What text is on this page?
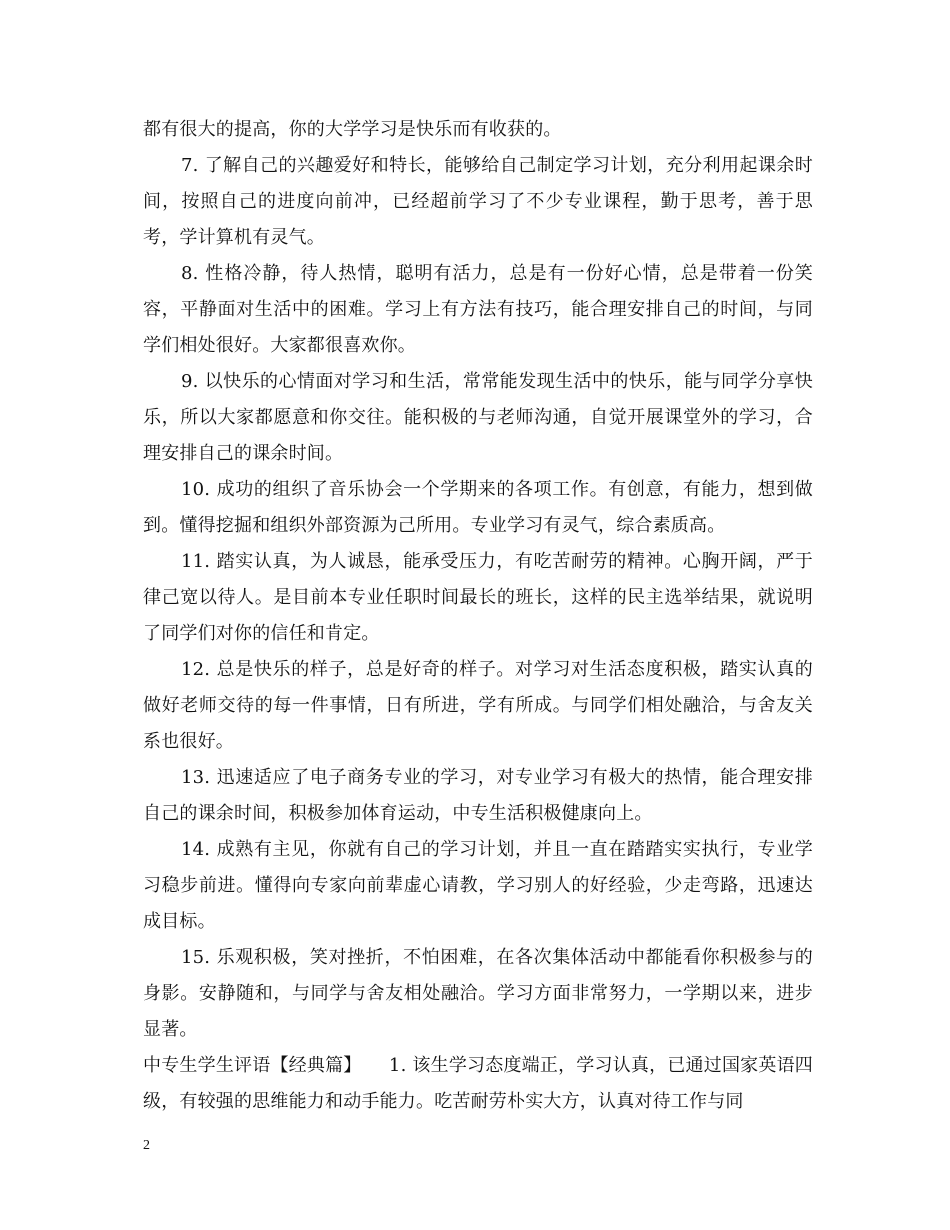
都有很大的提高，你的大学学习是快乐而有收获的。

7. 了解自己的兴趣爱好和特长，能够给自己制定学习计划，充分利用起课余时间，按照自己的进度向前冲，已经超前学习了不少专业课程，勤于思考，善于思考，学计算机有灵气。

8. 性格冷静，待人热情，聪明有活力，总是有一份好心情，总是带着一份笑容，平静面对生活中的困难。学习上有方法有技巧，能合理安排自己的时间，与同学们相处很好。大家都很喜欢你。

9. 以快乐的心情面对学习和生活，常常能发现生活中的快乐，能与同学分享快乐，所以大家都愿意和你交往。能积极的与老师沟通，自觉开展课堂外的学习，合理安排自己的课余时间。

10. 成功的组织了音乐协会一个学期来的各项工作。有创意，有能力，想到做到。懂得挖掘和组织外部资源为己所用。专业学习有灵气，综合素质高。

11. 踏实认真，为人诚恳，能承受压力，有吃苦耐劳的精神。心胸开阔，严于律己宽以待人。是目前本专业任职时间最长的班长，这样的民主选举结果，就说明了同学们对你的信任和肯定。

12. 总是快乐的样子，总是好奇的样子。对学习对生活态度积极，踏实认真的做好老师交待的每一件事情，日有所进，学有所成。与同学们相处融洽，与舍友关系也很好。

13. 迅速适应了电子商务专业的学习，对专业学习有极大的热情，能合理安排自己的课余时间，积极参加体育运动，中专生活积极健康向上。

14. 成熟有主见，你就有自己的学习计划，并且一直在踏踏实实执行，专业学习稳步前进。懂得向专家向前辈虚心请教，学习别人的好经验，少走弯路，迅速达成目标。

15. 乐观积极，笑对挫折，不怕困难，在各次集体活动中都能看你积极参与的身影。安静随和，与同学与舍友相处融洽。学习方面非常努力，一学期以来，进步显著。

中专生学生评语【经典篇】　　1. 该生学习态度端正，学习认真，已通过国家英语四级，有较强的思维能力和动手能力。吃苦耐劳朴实大方，认真对待工作与同

2
